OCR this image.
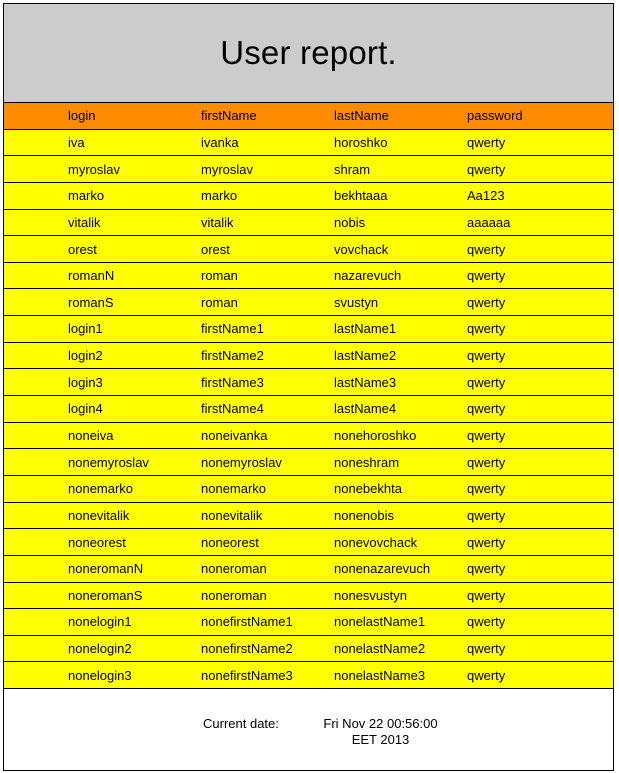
User report.
login	firstName	lastName	password
iva	ivanka	horoshko	qwerty
myroslav	myroslav	shram	qwerty
marko	marko	bekhtaaa	Aa123
vitalik	vitalik	nobis	aaaaaa
orest	orest	vovchack	qwerty
romanN	roman	nazarevuch	qwerty
romanS	roman	svustyn	qwerty
login1	firstName1	lastName1	qwerty
login2	firstName2	lastName2	qwerty
login3	firstName3	lastName3	qwerty
login4	firstName4	lastName4	qwerty
noneiva	noneivanka	nonehoroshko	qwerty
nonemyroslav	nonemyroslav	noneshram	qwerty
nonemarko	nonemarko	nonebekhta	qwerty
nonevitalik	nonevitalik	nonenobis	qwerty
noneorest	noneorest	nonevovchack	qwerty
noneromanN	noneroman	nonenazarevuch	qwerty
noneromanS	noneroman	nonesvustyn	qwerty
nonelogin1	nonefirstName1	nonelastName1	qwerty
nonelogin2	nonefirstName2	nonelastName2	qwerty
nonelogin3	nonefirstName3	nonelastName3	qwerty
Current date:	Fri Nov 22 00:56:00 EET 2013
